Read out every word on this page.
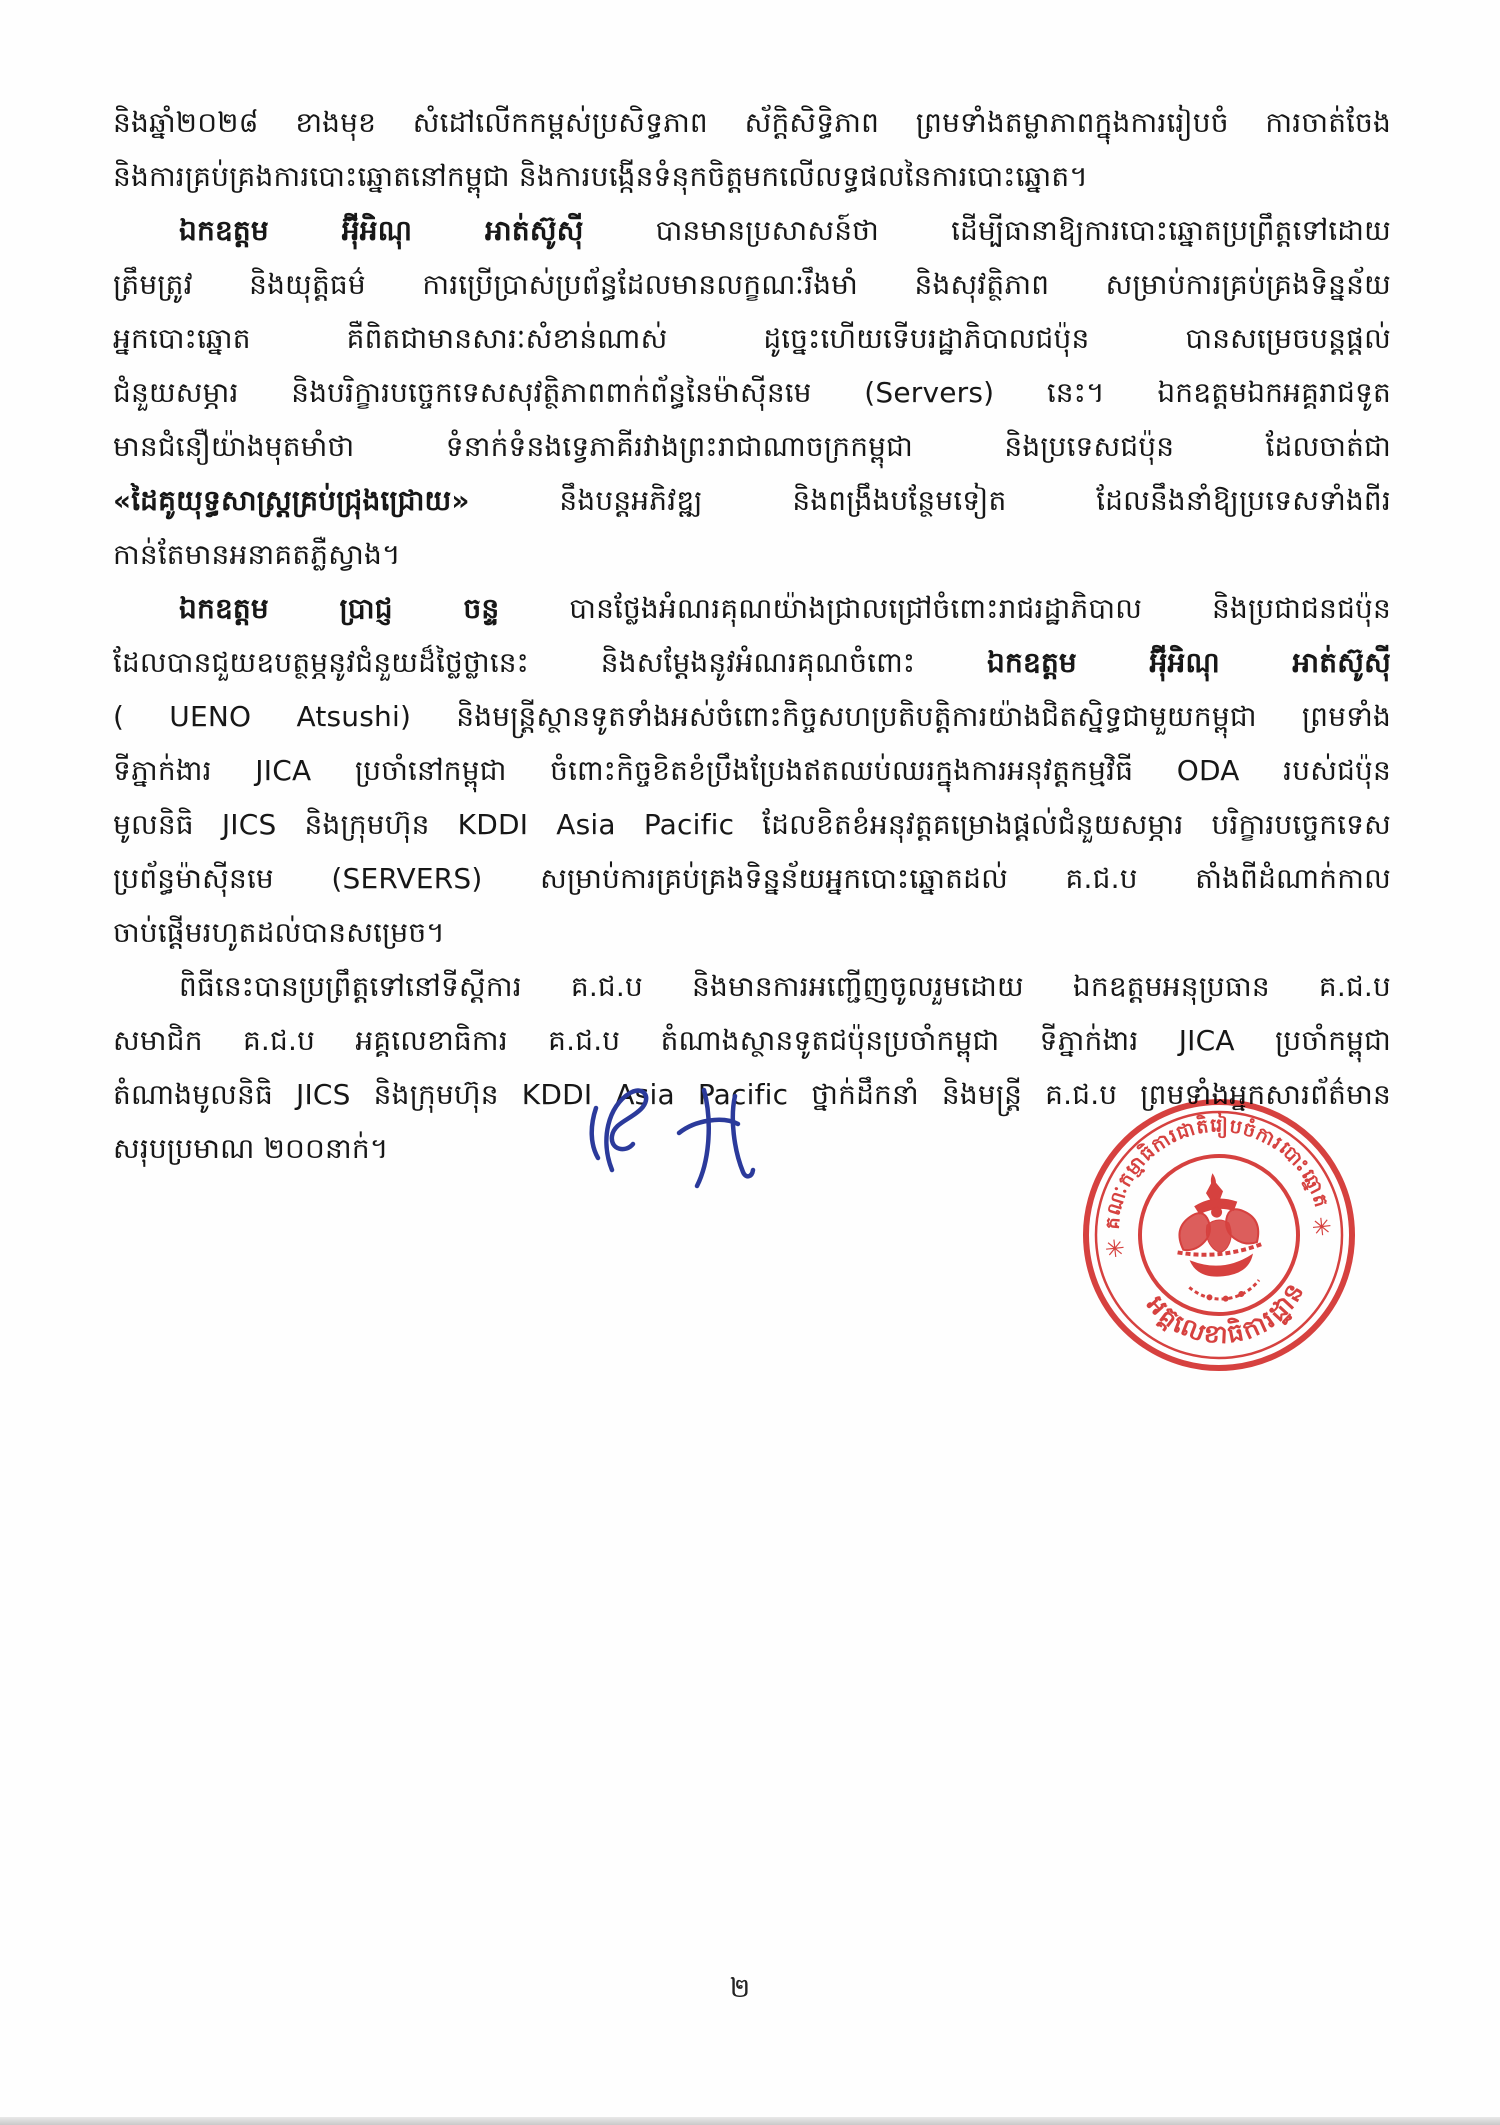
និងឆ្នាំ២០២៨ ខាងមុខ សំដៅលើកកម្ពស់ប្រសិទ្ធភាព ស័ក្តិសិទ្ធិភាព ព្រមទាំងតម្លាភាពក្នុងការរៀបចំ ការចាត់ចែង
និងការគ្រប់គ្រងការបោះឆ្នោតនៅកម្ពុជា និងការបង្កើនទំនុកចិត្តមកលើលទ្ធផលនៃការបោះឆ្នោត។
ឯកឧត្តម អ៊ុីអិណុ អាត់ស៊ូស៊ី បានមានប្រសាសន៍ថា ដើម្បីធានាឱ្យការបោះឆ្នោតប្រព្រឹត្តទៅដោយ
ត្រឹមត្រូវ និងយុត្តិធម៌ ការប្រើប្រាស់ប្រព័ន្ធដែលមានលក្ខណៈរឹងមាំ និងសុវត្ថិភាព សម្រាប់ការគ្រប់គ្រងទិន្នន័យ
អ្នកបោះឆ្នោត គឺពិតជាមានសារៈសំខាន់ណាស់ ដូច្នេះហើយទើបរដ្ឋាភិបាលជប៉ុន បានសម្រេចបន្តផ្តល់
ជំនួយសម្ភារ និងបរិក្ខារបច្ចេកទេសសុវត្ថិភាពពាក់ព័ន្ធនៃម៉ាស៊ីនមេ (Servers) នេះ។ ឯកឧត្តមឯកអគ្គរាជទូត
មានជំនឿយ៉ាងមុតមាំថា ទំនាក់ទំនងទ្វេភាគីរវាងព្រះរាជាណាចក្រកម្ពុជា និងប្រទេសជប៉ុន ដែលចាត់ជា
«ដៃគូយុទ្ធសាស្ត្រគ្រប់ជ្រុងជ្រោយ» នឹងបន្តអភិវឌ្ឍ និងពង្រឹងបន្ថែមទៀត ដែលនឹងនាំឱ្យប្រទេសទាំងពីរ
កាន់តែមានអនាគតភ្លឺស្វាង។
ឯកឧត្តម ប្រាជ្ញ ចន្ទ បានថ្លែងអំណរគុណយ៉ាងជ្រាលជ្រៅចំពោះរាជរដ្ឋាភិបាល និងប្រជាជនជប៉ុន
ដែលបានជួយឧបត្ថម្ភនូវជំនួយដ៏ថ្លៃថ្លានេះ និងសម្តែងនូវអំណរគុណចំពោះ ឯកឧត្តម អ៊ុីអិណុ អាត់ស៊ូស៊ី
( UENO Atsushi) និងមន្ត្រីស្ថានទូតទាំងអស់ចំពោះកិច្ចសហប្រតិបត្តិការយ៉ាងជិតស្និទ្ធជាមួយកម្ពុជា ព្រមទាំង
ទីភ្នាក់ងារ JICA ប្រចាំនៅកម្ពុជា ចំពោះកិច្ចខិតខំប្រឹងប្រែងឥតឈប់ឈរក្នុងការអនុវត្តកម្មវិធី ODA របស់ជប៉ុន
មូលនិធិ JICS និងក្រុមហ៊ុន KDDI Asia Pacific ដែលខិតខំអនុវត្តគម្រោងផ្តល់ជំនួយសម្ភារ បរិក្ខារបច្ចេកទេស
ប្រព័ន្ធម៉ាស៊ីនមេ (SERVERS) សម្រាប់ការគ្រប់គ្រងទិន្នន័យអ្នកបោះឆ្នោតដល់ គ.ជ.ប តាំងពីដំណាក់កាល
ចាប់ផ្តើមរហូតដល់បានសម្រេច។
ពិធីនេះបានប្រព្រឹត្តទៅនៅទីស្តីការ គ.ជ.ប និងមានការអញ្ជើញចូលរួមដោយ ឯកឧត្តមអនុប្រធាន គ.ជ.ប
សមាជិក គ.ជ.ប អគ្គលេខាធិការ គ.ជ.ប តំណាងស្ថានទូតជប៉ុនប្រចាំកម្ពុជា ទីភ្នាក់ងារ JICA ប្រចាំកម្ពុជា
តំណាងមូលនិធិ JICS និងក្រុមហ៊ុន KDDI Asia Pacific ថ្នាក់ដឹកនាំ និងមន្ត្រី គ.ជ.ប ព្រមទាំងអ្នកសារព័ត៌មាន
សរុបប្រមាណ ២០០នាក់។
គណៈកម្មាធិការជាតិរៀបចំការបោះឆ្នោត
អគ្គលេខាធិការដ្ឋាន
✳
✳
២
